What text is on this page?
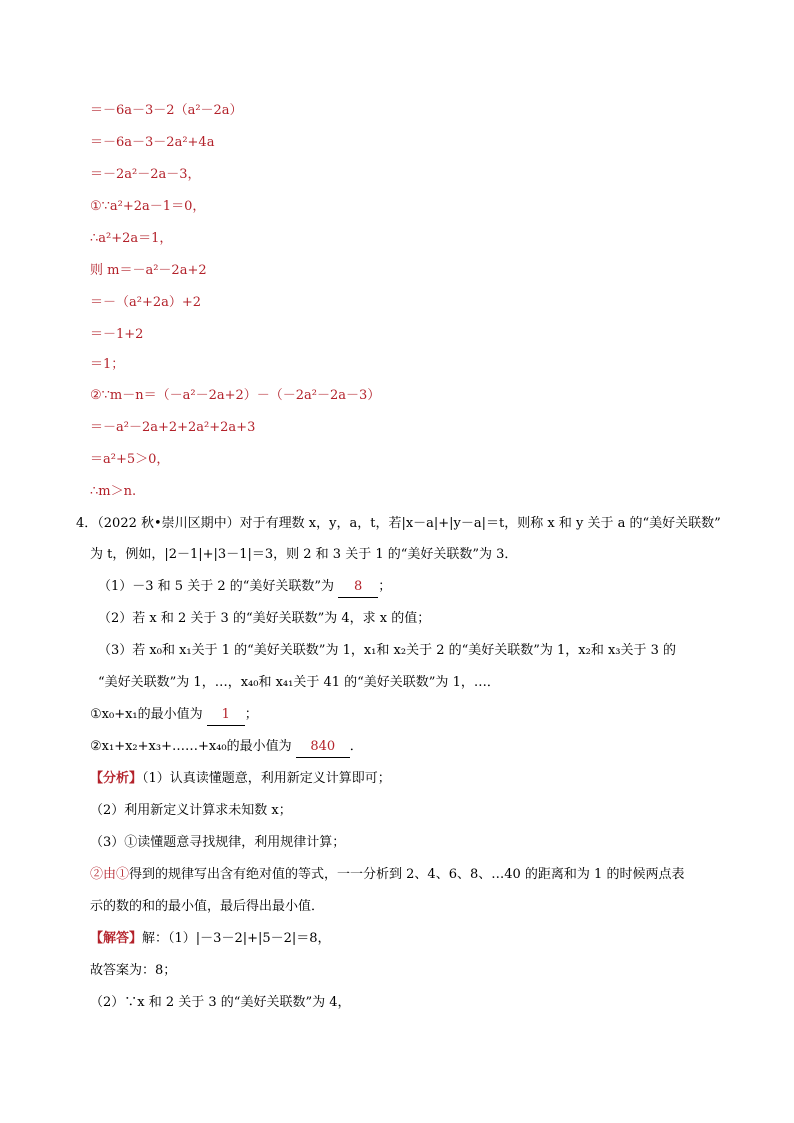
＝－6a－3－2（a²－2a）
＝－6a－3－2a²+4a
＝－2a²－2a－3，
①∵a²+2a－1＝0，
∴a²+2a＝1，
则 m＝－a²－2a+2
＝－（a²+2a）+2
＝－1+2
＝1；
②∵m－n＝（－a²－2a+2）－（－2a²－2a－3）
＝－a²－2a+2+2a²+2a+3
＝a²+5＞0，
∴m＞n.
4．（2022 秋•崇川区期中）对于有理数 x，y，a，t，若|x－a|+|y－a|＝t，则称 x 和 y 关于 a 的“美好关联数”
为 t，例如，|2－1|+|3－1|＝3，则 2 和 3 关于 1 的“美好关联数”为 3．
（1）－3 和 5 关于 2 的“美好关联数”为 8 ；
（2）若 x 和 2 关于 3 的“美好关联数”为 4，求 x 的值；
（3）若 x₀和 x₁关于 1 的“美好关联数”为 1，x₁和 x₂关于 2 的“美好关联数”为 1，x₂和 x₃关于 3 的
“美好关联数”为 1，…，x₄₀和 x₄₁关于 41 的“美好关联数”为 1，…．
①x₀+x₁的最小值为 1 ；
②x₁+x₂+x₃+……+x₄₀的最小值为 840 ．
【分析】（1）认真读懂题意，利用新定义计算即可；
（2）利用新定义计算求未知数 x；
（3）①读懂题意寻找规律，利用规律计算；
②由①得到的规律写出含有绝对值的等式，一一分析到 2、4、6、8、…40 的距离和为 1 的时候两点表
示的数的和的最小值，最后得出最小值．
【解答】解：（1）|－3－2|+|5－2|＝8，
故答案为：8；
（2）∵x 和 2 关于 3 的“美好关联数”为 4，
